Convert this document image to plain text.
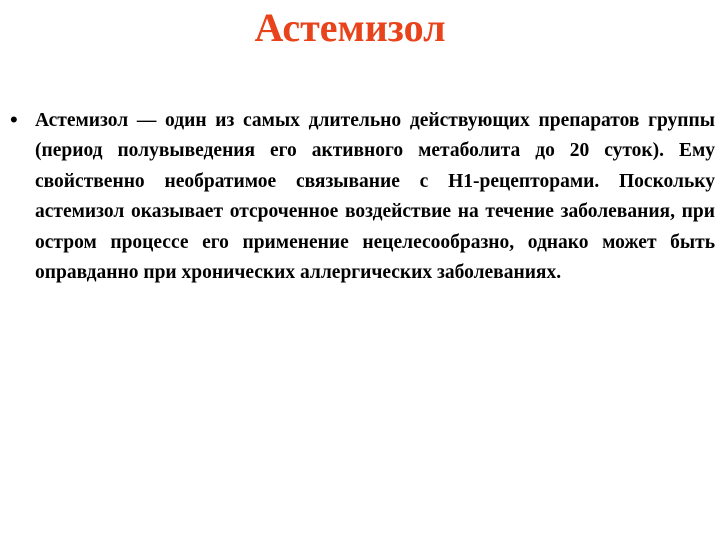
Астемизол
• Астемизол — один из самых длительно действующих препаратов группы (период полувыведения его активного метаболита до 20 суток). Ему свойственно необратимое связывание с H1-рецепторами. Поскольку астемизол оказывает отсроченное воздействие на течение заболевания, при остром процессе его применение нецелесообразно, однако может быть оправданно при хронических аллергических заболеваниях.
